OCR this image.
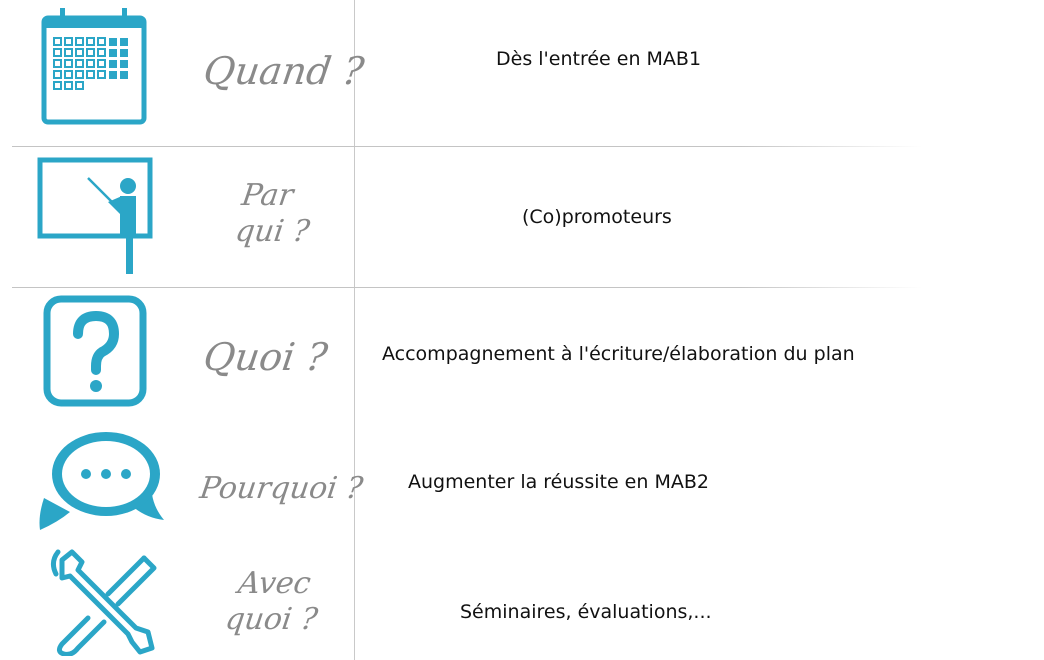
Quand ?	Dès l'entrée en MAB1
Par
qui ?	(Co)promoteurs
Quoi ?	Accompagnement à l'écriture/élaboration du plan
Pourquoi ? Augmenter la réussite en MAB2
Avec
quoi ?	Séminaires, évaluations,...
